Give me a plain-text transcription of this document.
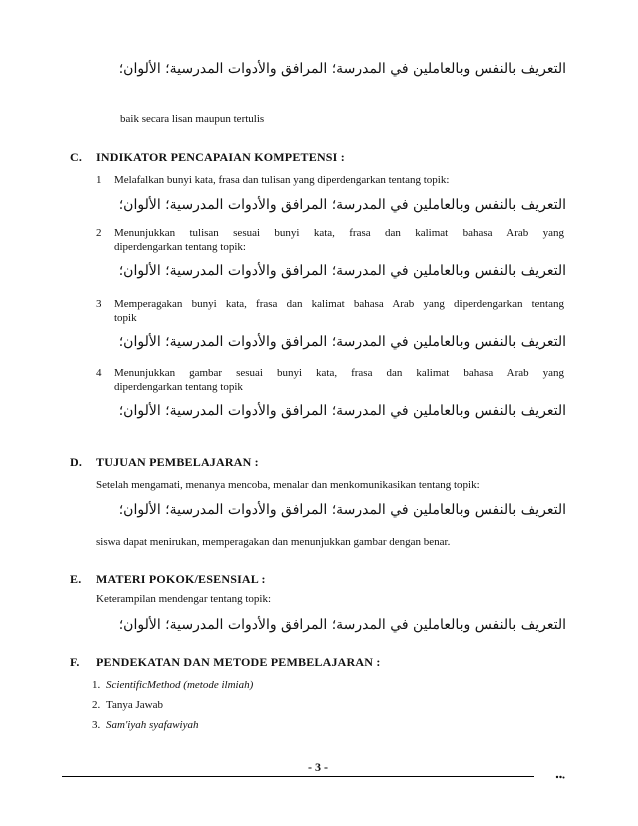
التعريف بالنفس وبالعاملين في المدرسة؛ المرافق والأدوات المدرسية؛ الألوان؛
baik secara lisan maupun tertulis
C. INDIKATOR PENCAPAIAN KOMPETENSI :
1 Melafalkan bunyi kata, frasa dan tulisan yang diperdengarkan tentang topik:
التعريف بالنفس وبالعاملين في المدرسة؛ المرافق والأدوات المدرسية؛ الألوان؛
2 Menunjukkan tulisan sesuai bunyi kata, frasa dan kalimat bahasa Arab yang
diperdengarkan tentang topik:
التعريف بالنفس وبالعاملين في المدرسة؛ المرافق والأدوات المدرسية؛ الألوان؛
3 Memperagakan bunyi kata, frasa dan kalimat bahasa Arab yang diperdengarkan tentang
topik
التعريف بالنفس وبالعاملين في المدرسة؛ المرافق والأدوات المدرسية؛ الألوان؛
4 Menunjukkan gambar sesuai bunyi kata, frasa dan kalimat bahasa Arab yang
diperdengarkan tentang topik
التعريف بالنفس وبالعاملين في المدرسة؛ المرافق والأدوات المدرسية؛ الألوان؛
D. TUJUAN PEMBELAJARAN :
Setelah mengamati, menanya mencoba, menalar dan menkomunikasikan tentang topik:
التعريف بالنفس وبالعاملين في المدرسة؛ المرافق والأدوات المدرسية؛ الألوان؛
siswa dapat menirukan, memperagakan dan menunjukkan gambar dengan benar.
E. MATERI POKOK/ESENSIAL :
Keterampilan mendengar tentang topik:
التعريف بالنفس وبالعاملين في المدرسة؛ المرافق والأدوات المدرسية؛ الألوان؛
F. PENDEKATAN DAN METODE PEMBELAJARAN :
1. ScientificMethod (metode ilmiah)
2. Tanya Jawab
3. Sam'iyah syafawiyah
- 3 -
